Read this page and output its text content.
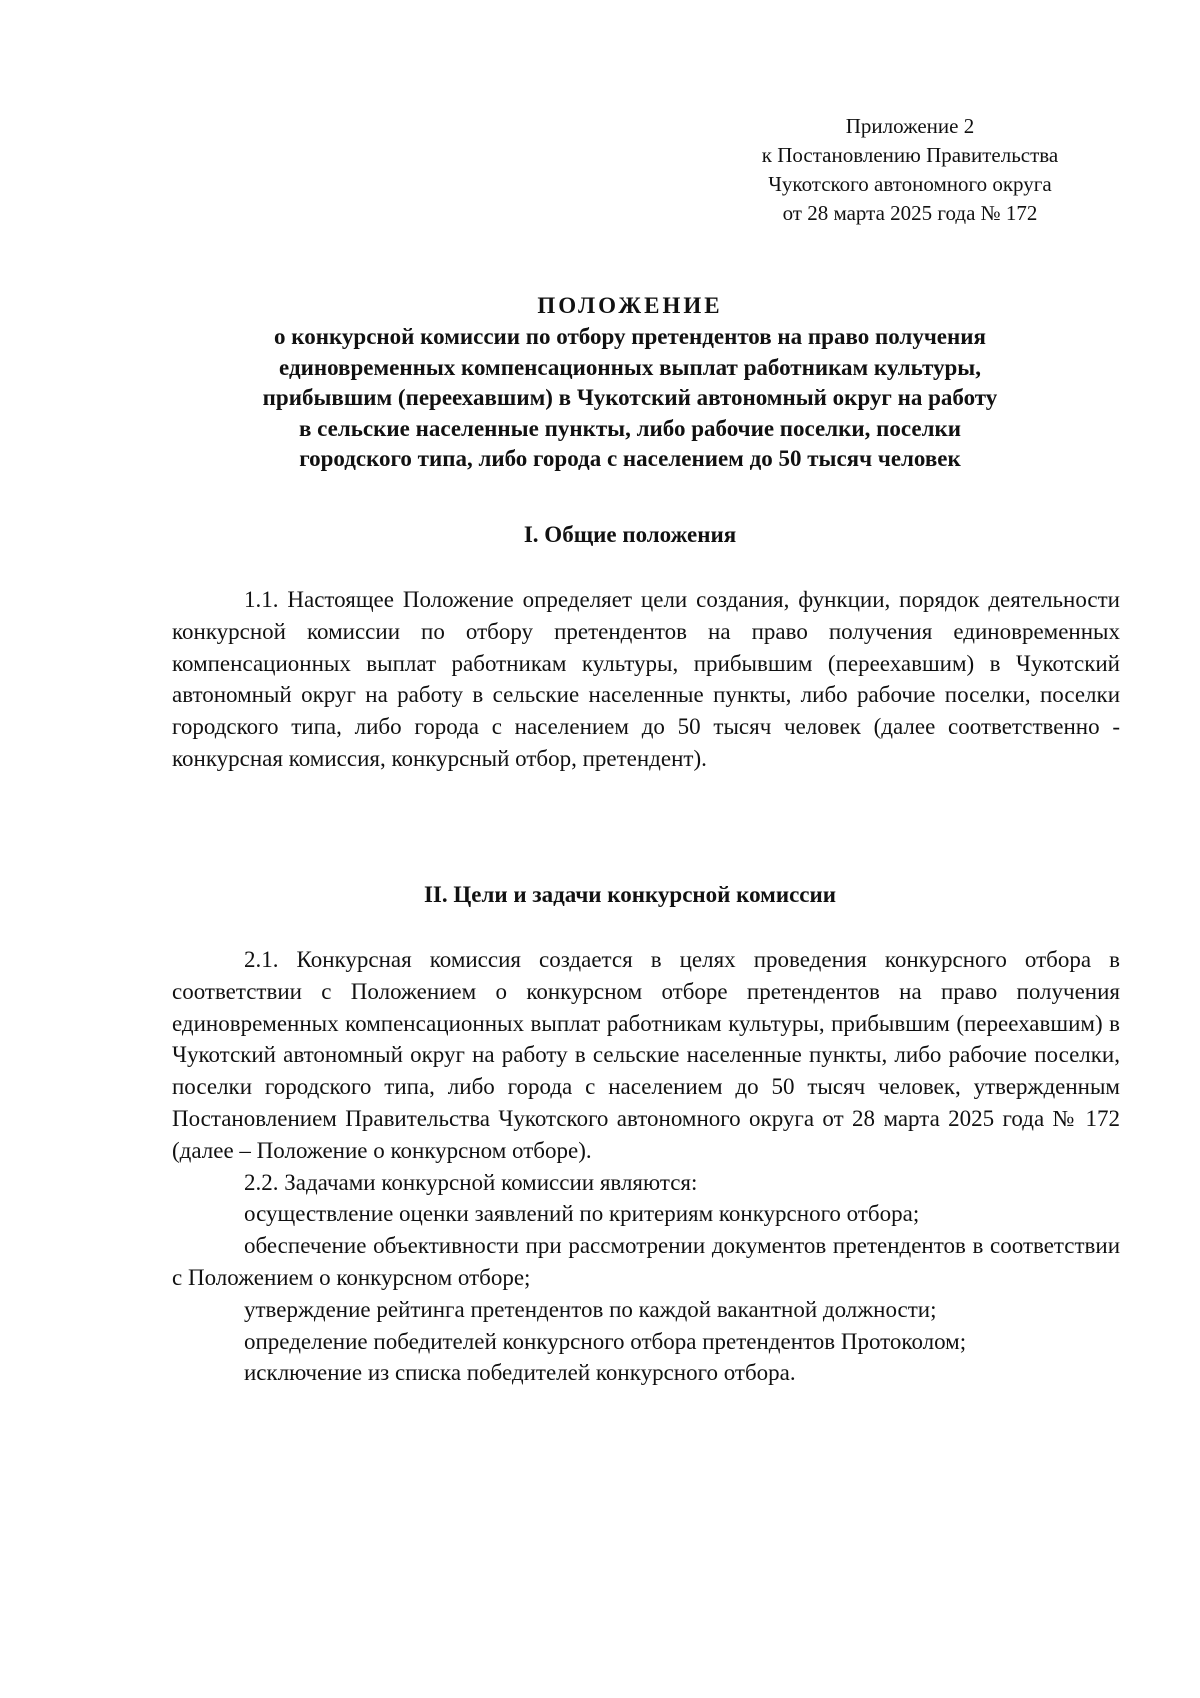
Приложение 2
к Постановлению Правительства
Чукотского автономного округа
от 28 марта 2025 года № 172
ПОЛОЖЕНИЕ
о конкурсной комиссии по отбору претендентов на право получения
единовременных компенсационных выплат работникам культуры,
прибывшим (переехавшим) в Чукотский автономный округ на работу
в сельские населенные пункты, либо рабочие поселки, поселки
городского типа, либо города с населением до 50 тысяч человек
I. Общие положения

1.1. Настоящее Положение определяет цели создания, функции, порядок деятельности конкурсной комиссии по отбору претендентов на право получения единовременных компенсационных выплат работникам культуры, прибывшим (переехавшим) в Чукотский автономный округ на работу в сельские населенные пункты, либо рабочие поселки, поселки городского типа, либо города с населением до 50 тысяч человек (далее соответственно - конкурсная комиссия, конкурсный отбор, претендент).

II. Цели и задачи конкурсной комиссии

2.1. Конкурсная комиссия создается в целях проведения конкурсного отбора в соответствии с Положением о конкурсном отборе претендентов на право получения единовременных компенсационных выплат работникам культуры, прибывшим (переехавшим) в Чукотский автономный округ на работу в сельские населенные пункты, либо рабочие поселки, поселки городского типа, либо города с населением до 50 тысяч человек, утвержденным Постановлением Правительства Чукотского автономного округа от 28 марта 2025 года № 172 (далее – Положение о конкурсном отборе).

2.2. Задачами конкурсной комиссии являются:

осуществление оценки заявлений по критериям конкурсного отбора;

обеспечение объективности при рассмотрении документов претендентов в соответствии с Положением о конкурсном отборе;

утверждение рейтинга претендентов по каждой вакантной должности;

определение победителей конкурсного отбора претендентов Протоколом;

исключение из списка победителей конкурсного отбора.
